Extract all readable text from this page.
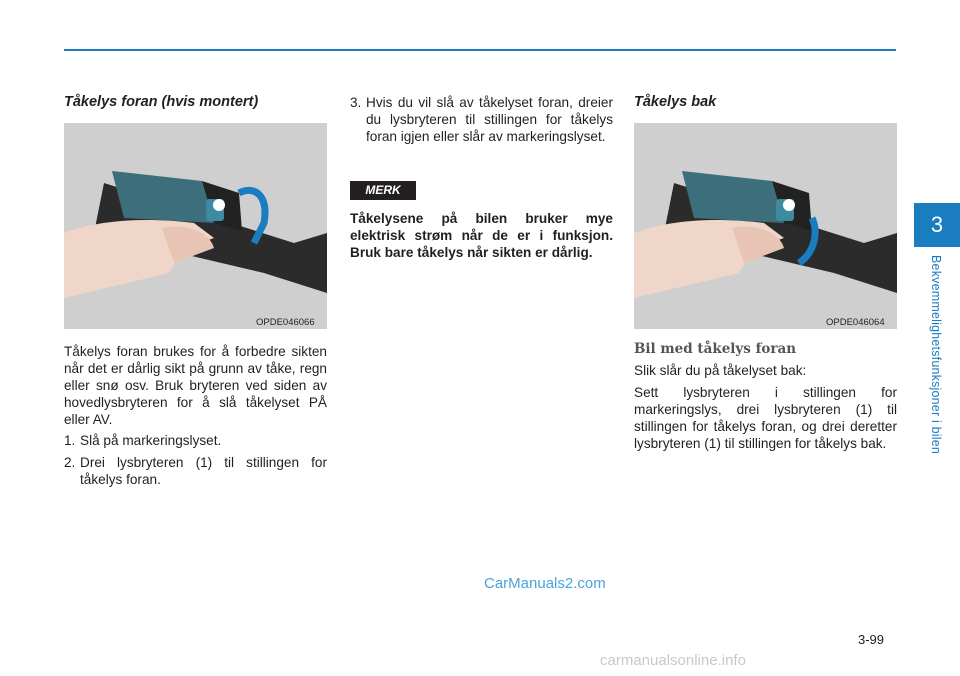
3
Bekvemmelighetsfunksjoner i bilen
Tåkelys foran (hvis montert)
OPDE046066

Tåkelys foran brukes for å forbedre sikten når det er dårlig sikt på grunn av tåke, regn eller snø osv. Bruk bryteren ved siden av hovedlysbryteren for å slå tåkelyset PÅ eller AV.

1. Slå på markeringslyset.
2. Drei lysbryteren (1) til stillingen for tåkelys foran.
3. Hvis du vil slå av tåkelyset foran, dreier du lysbryteren til stillingen for tåkelys foran igjen eller slår av markeringslyset.
MERK
Tåkelysene på bilen bruker mye elektrisk strøm når de er i funksjon. Bruk bare tåkelys når sikten er dårlig.
Tåkelys bak
OPDE046064
Bil med tåkelys foran

Slik slår du på tåkelyset bak:

Sett lysbryteren i stillingen for markeringslys, drei lysbryteren (1) til stillingen for tåkelys foran, og drei deretter lysbryteren (1) til stillingen for tåkelys bak.

CarManuals2.com
3-99
carmanualsonline.info
